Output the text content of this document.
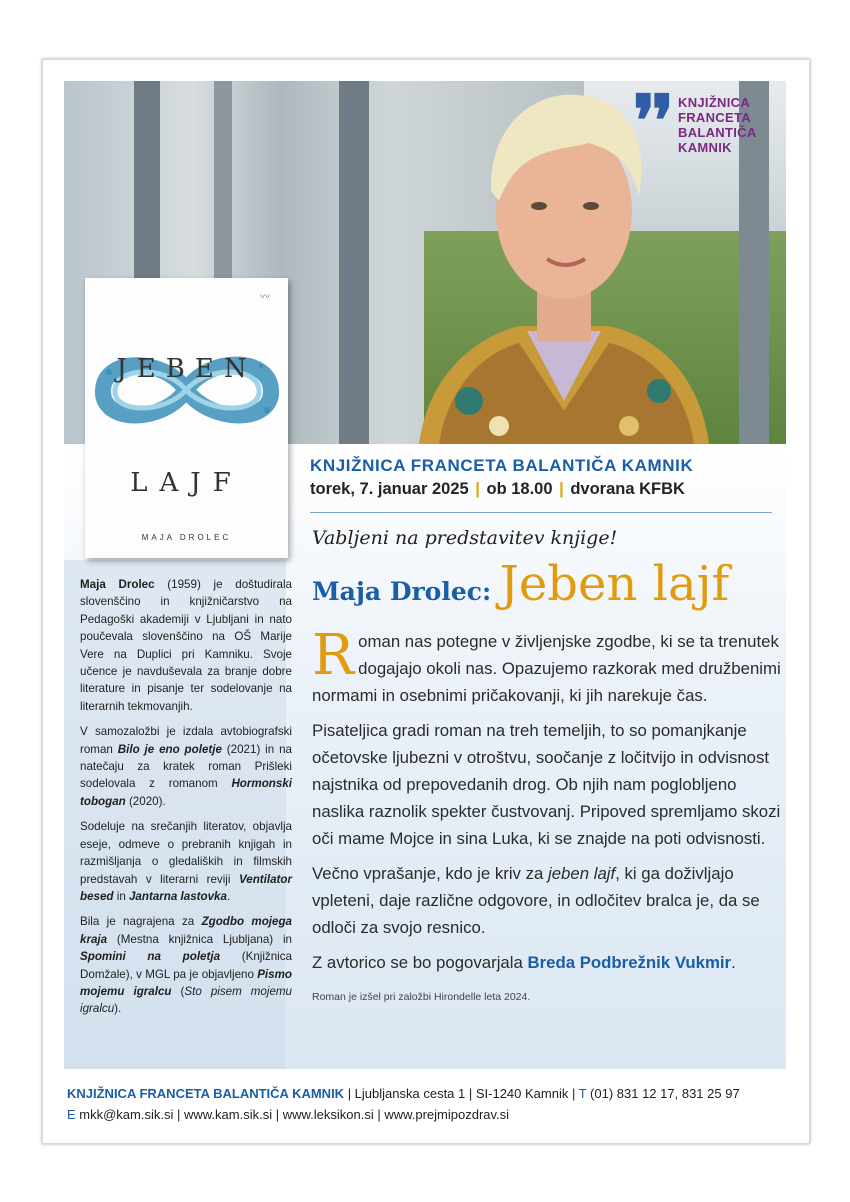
❜❜ KNJIŽNICA
FRANCETA
BALANTIČA
KAMNIK
〰
JEBEN
LAJF
MAJA DROLEC
KNJIŽNICA FRANCETA BALANTIČA KAMNIK
torek, 7. januar 2025 | ob 18.00 | dvorana KFBK
Vabljeni na predstavitev knjige!
Maja Drolec: Jeben lajf

Roman nas potegne v življenjske zgodbe, ki se ta trenutek dogajajo okoli nas. Opazujemo razkorak med družbenimi normami in osebnimi pričakovanji, ki jih narekuje čas.

Pisateljica gradi roman na treh temeljih, to so pomanjkanje očetovske ljubezni v otroštvu, soočanje z ločitvijo in odvisnost najstnika od prepovedanih drog. Ob njih nam poglobljeno naslika raznolik spekter čustvovanj. Pripoved spremljamo skozi oči mame Mojce in sina Luka, ki se znajde na poti odvisnosti.

Večno vprašanje, kdo je kriv za jeben lajf, ki ga doživljajo vpleteni, daje različne odgovore, in odločitev bralca je, da se odloči za svojo resnico.

Z avtorico se bo pogovarjala Breda Podbrežnik Vukmir.

Roman je izšel pri založbi Hirondelle leta 2024.

Maja Drolec (1959) je doštudirala slovenščino in knjižničarstvo na Pedagoški akademiji v Ljubljani in nato poučevala slovenščino na OŠ Marije Vere na Duplici pri Kamniku. Svoje učence je navduševala za branje dobre literature in pisanje ter sodelovanje na literarnih tekmovanjih.

V samozaložbi je izdala avtobiografski roman Bilo je eno poletje (2021) in na natečaju za kratek roman Prišleki sodelovala z romanom Hormonski tobogan (2020).

Sodeluje na srečanjih literatov, objavlja eseje, odmeve o prebranih knjigah in razmišljanja o gledaliških in filmskih predstavah v literarni reviji Ventilator besed in Jantarna lastovka.

Bila je nagrajena za Zgodbo mojega kraja (Mestna knjižnica Ljubljana) in Spomini na poletja (Knjižnica Domžale), v MGL pa je objavljeno Pismo mojemu igralcu (Sto pisem mojemu igralcu).

KNJIŽNICA FRANCETA BALANTIČA KAMNIK | Ljubljanska cesta 1 | SI-1240 Kamnik | T (01) 831 12 17, 831 25 97
E mkk@kam.sik.si | www.kam.sik.si | www.leksikon.si | www.prejmipozdrav.si
